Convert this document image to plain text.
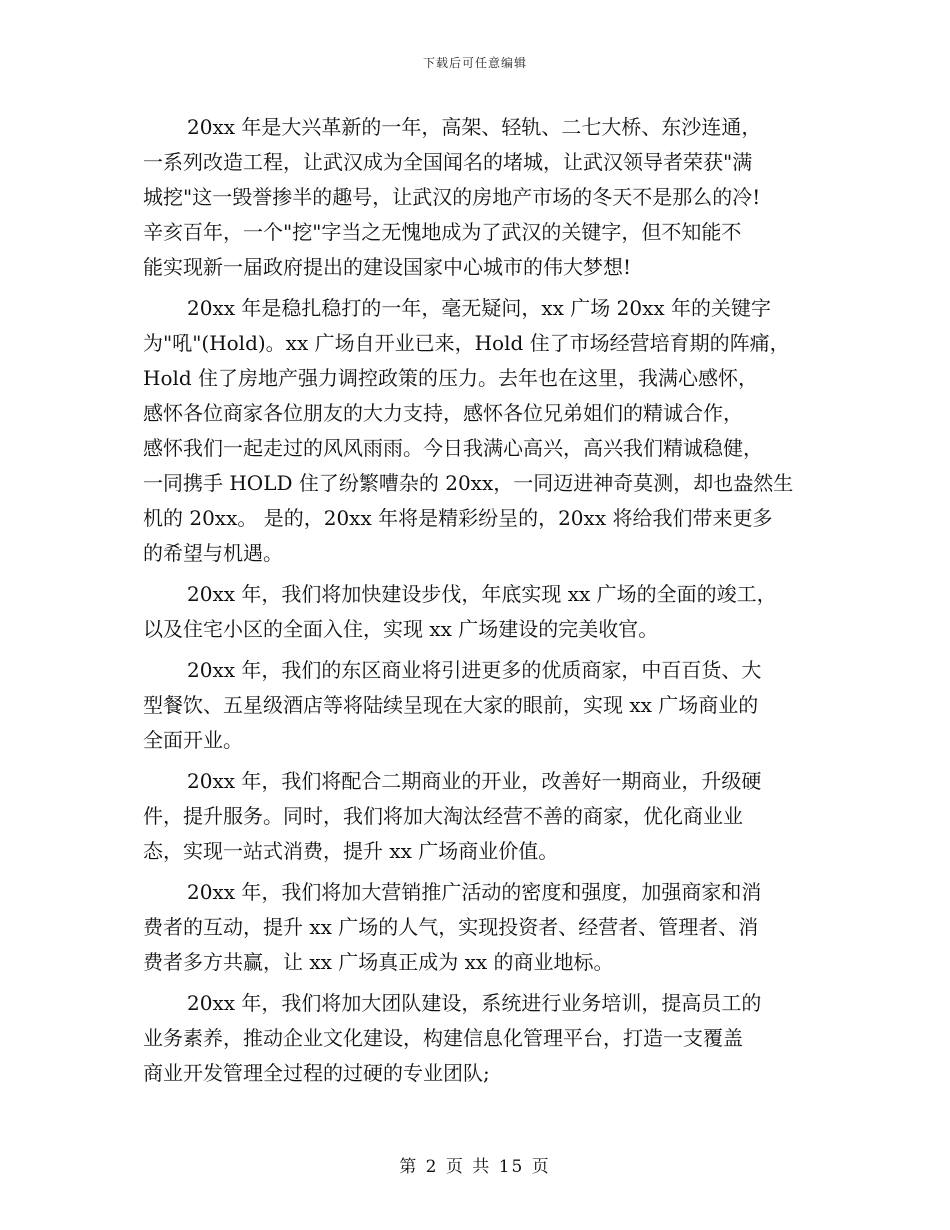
下载后可任意编辑
20xx 年是大兴革新的一年，高架、轻轨、二七大桥、东沙连通，
一系列改造工程，让武汉成为全国闻名的堵城，让武汉领导者荣获"满
城挖"这一毁誉掺半的趣号，让武汉的房地产市场的冬天不是那么的冷!
辛亥百年，一个"挖"字当之无愧地成为了武汉的关键字，但不知能不
能实现新一届政府提出的建设国家中心城市的伟大梦想!
20xx 年是稳扎稳打的一年，毫无疑问，xx 广场 20xx 年的关键字
为"吼"(Hold)。xx 广场自开业已来，Hold 住了市场经营培育期的阵痛，
Hold 住了房地产强力调控政策的压力。去年也在这里，我满心感怀，
感怀各位商家各位朋友的大力支持，感怀各位兄弟姐们的精诚合作，
感怀我们一起走过的风风雨雨。今日我满心高兴，高兴我们精诚稳健，
一同携手 HOLD 住了纷繁嘈杂的 20xx，一同迈进神奇莫测，却也盎然生
机的 20xx。 是的，20xx 年将是精彩纷呈的，20xx 将给我们带来更多
的希望与机遇。
20xx 年，我们将加快建设步伐，年底实现 xx 广场的全面的竣工，
以及住宅小区的全面入住，实现 xx 广场建设的完美收官。
20xx 年，我们的东区商业将引进更多的优质商家，中百百货、大
型餐饮、五星级酒店等将陆续呈现在大家的眼前，实现 xx 广场商业的
全面开业。
20xx 年，我们将配合二期商业的开业，改善好一期商业，升级硬
件，提升服务。同时，我们将加大淘汰经营不善的商家，优化商业业
态，实现一站式消费，提升 xx 广场商业价值。
20xx 年，我们将加大营销推广活动的密度和强度，加强商家和消
费者的互动，提升 xx 广场的人气，实现投资者、经营者、管理者、消
费者多方共赢，让 xx 广场真正成为 xx 的商业地标。
20xx 年，我们将加大团队建设，系统进行业务培训，提高员工的
业务素养，推动企业文化建设，构建信息化管理平台，打造一支覆盖
商业开发管理全过程的过硬的专业团队;
第 2 页 共 15 页
